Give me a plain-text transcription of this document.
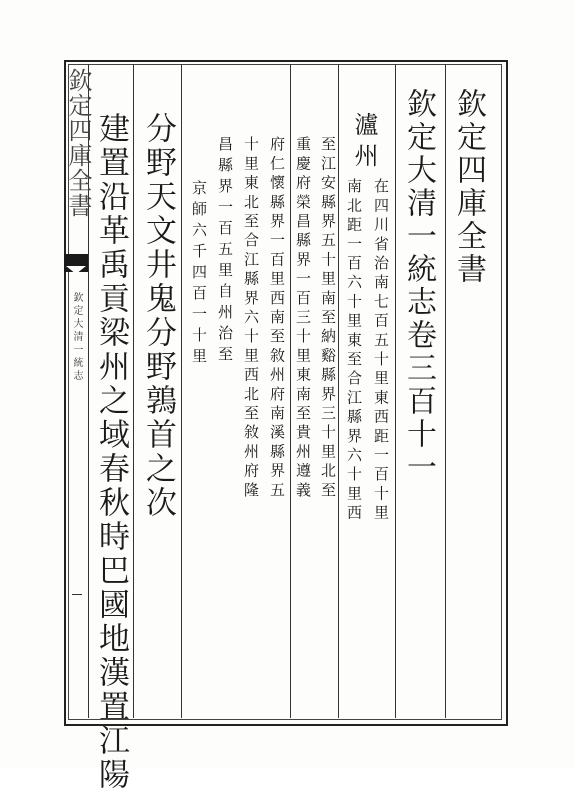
欽定四庫全書
欽定大清一統志
欽定四庫全書
欽定大清一統志卷三百十一
瀘州
在四川省治南七百五十里東西距一百十里
南北距一百六十里東至合江縣界六十里西
至江安縣界五十里南至納谿縣界三十里北至
重慶府榮昌縣界一百三十里東南至貴州遵義
府仁懷縣界一百里西南至敘州府南溪縣界五
十里東北至合江縣界六十里西北至敘州府隆
昌縣界一百五里自州治至
京師六千四百一十里
分野天文井鬼分野鶉首之次
建置沿革禹貢梁州之域春秋時巴國地漢置江陽
